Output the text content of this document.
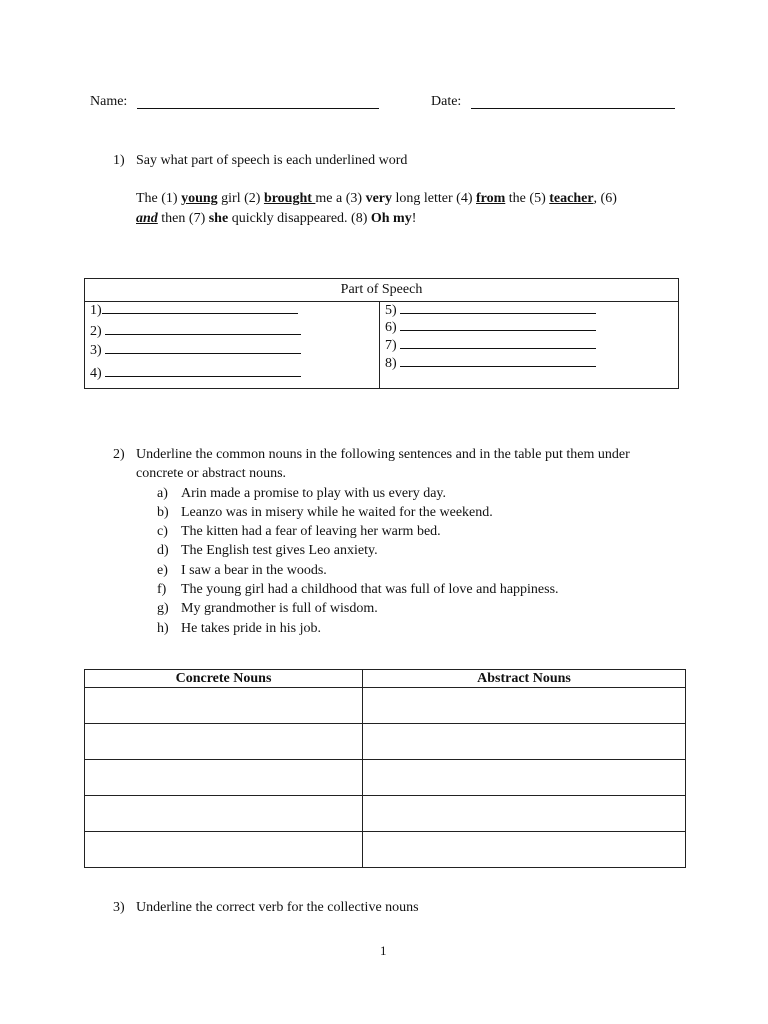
Name:	Date:
1) Say what part of speech is each underlined word
The (1) young girl (2) brought me a (3) very long letter (4) from the (5) teacher, (6)
and then (7) she quickly disappeared. (8) Oh my!
Part of Speech

1)
2)
3)
4)

5)
6)
7)
8)
2) Underline the common nouns in the following sentences and in the table put them under
concrete or abstract nouns.
a) Arin made a promise to play with us every day.
b) Leanzo was in misery while he waited for the weekend.
c) The kitten had a fear of leaving her warm bed.
d) The English test gives Leo anxiety.
e) I saw a bear in the woods.
f) The young girl had a childhood that was full of love and happiness.
g) My grandmother is full of wisdom.
h) He takes pride in his job.
Concrete Nouns	Abstract Nouns

3) Underline the correct verb for the collective nouns
1
